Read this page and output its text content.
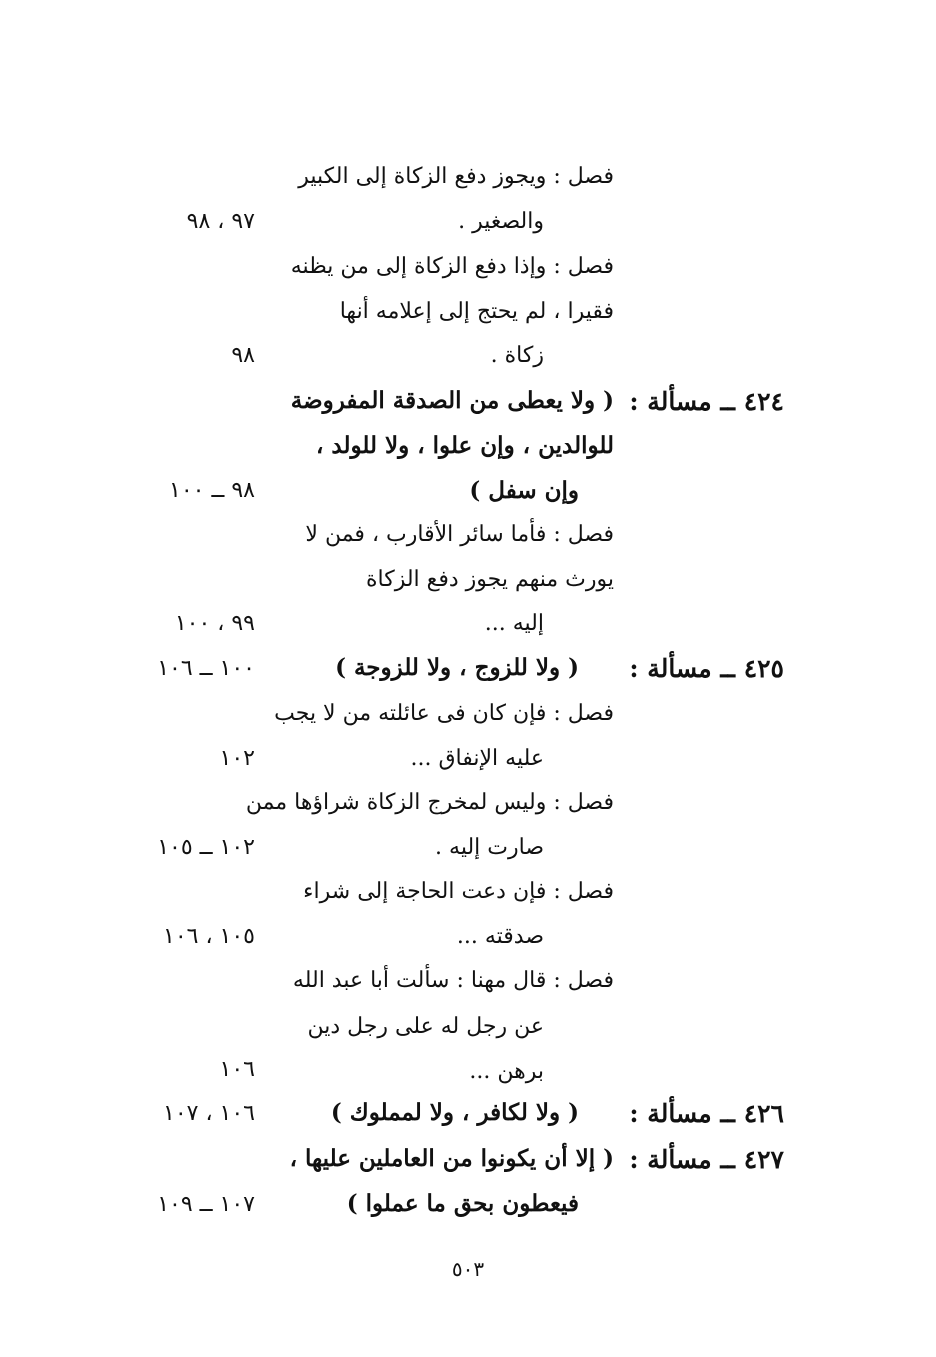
فصل : ويجوز دفع الزكاة إلى الكبير
والصغير .
٩٧ ، ٩٨
فصل : وإذا دفع الزكاة إلى من يظنه
فقيرا ، لم يحتج إلى إعلامه أنها
زكاة .
٩٨
٤٢٤ ــ مسألة :
( ولا يعطى من الصدقة المفروضة
للوالدين ، وإن علوا ، ولا للولد ،
وإن سفل )
٩٨ ــ ١٠٠
فصل : فأما سائر الأقارب ، فمن لا
يورث منهم يجوز دفع الزكاة
إليه ...
٩٩ ، ١٠٠
٤٢٥ ــ مسألة :
( ولا للزوج ، ولا للزوجة )
١٠٠ ــ ١٠٦
فصل : فإن كان فى عائلته من لا يجب
عليه الإنفاق ...
١٠٢
فصل : وليس لمخرج الزكاة شراؤها ممن
صارت إليه .
١٠٢ ــ ١٠٥
فصل : فإن دعت الحاجة إلى شراء
صدقته ...
١٠٥ ، ١٠٦
فصل : قال مهنا : سألت أبا عبد الله
عن رجل له على رجل دين
برهن ...
١٠٦
٤٢٦ ــ مسألة :
( ولا لكافر ، ولا لمملوك )
١٠٦ ، ١٠٧
٤٢٧ ــ مسألة :
( إلا أن يكونوا من العاملين عليها ،
فيعطون بحق ما عملوا )
١٠٧ ــ ١٠٩
٥٠٣
